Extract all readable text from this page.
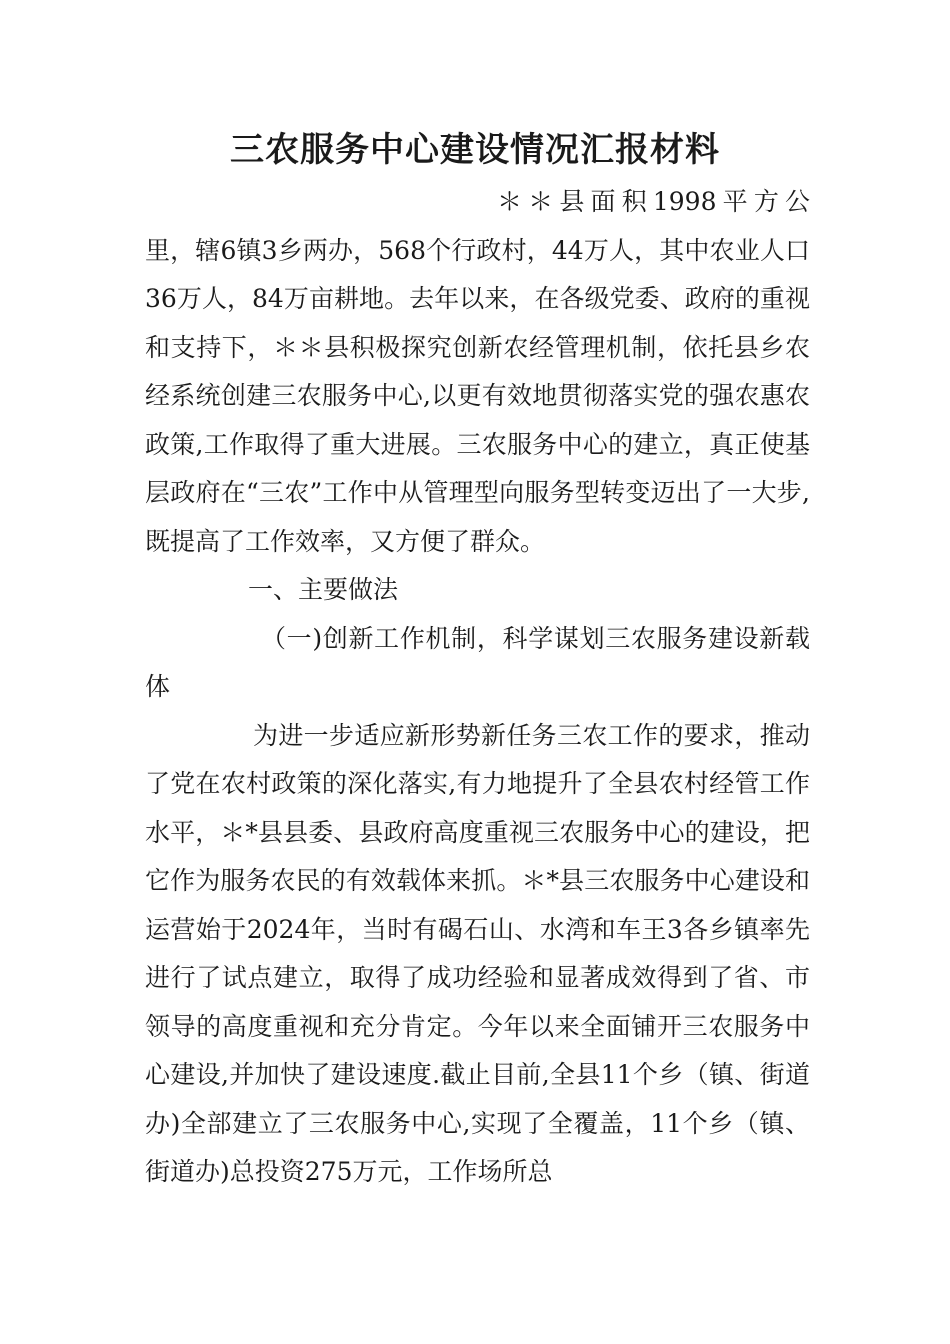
三农服务中心建设情况汇报材料

＊＊县面积1998平方公里，辖6镇3乡两办，568个行政村，44万人，其中农业人口36万人，84万亩耕地。去年以来，在各级党委、政府的重视和支持下，＊＊县积极探究创新农经管理机制，依托县乡农经系统创建三农服务中心,以更有效地贯彻落实党的强农惠农政策,工作取得了重大进展。三农服务中心的建立，真正使基层政府在“三农”工作中从管理型向服务型转变迈出了一大步,既提高了工作效率，又方便了群众。

一、主要做法

（一)创新工作机制，科学谋划三农服务建设新载体

为进一步适应新形势新任务三农工作的要求，推动了党在农村政策的深化落实,有力地提升了全县农村经管工作水平，＊*县县委、县政府高度重视三农服务中心的建设，把它作为服务农民的有效载体来抓。＊*县三农服务中心建设和运营始于2024年，当时有碣石山、水湾和车王3各乡镇率先进行了试点建立，取得了成功经验和显著成效得到了省、市领导的高度重视和充分肯定。今年以来全面铺开三农服务中心建设,并加快了建设速度.截止目前,全县11个乡（镇、街道办)全部建立了三农服务中心,实现了全覆盖，11个乡（镇、街道办)总投资275万元，工作场所总
